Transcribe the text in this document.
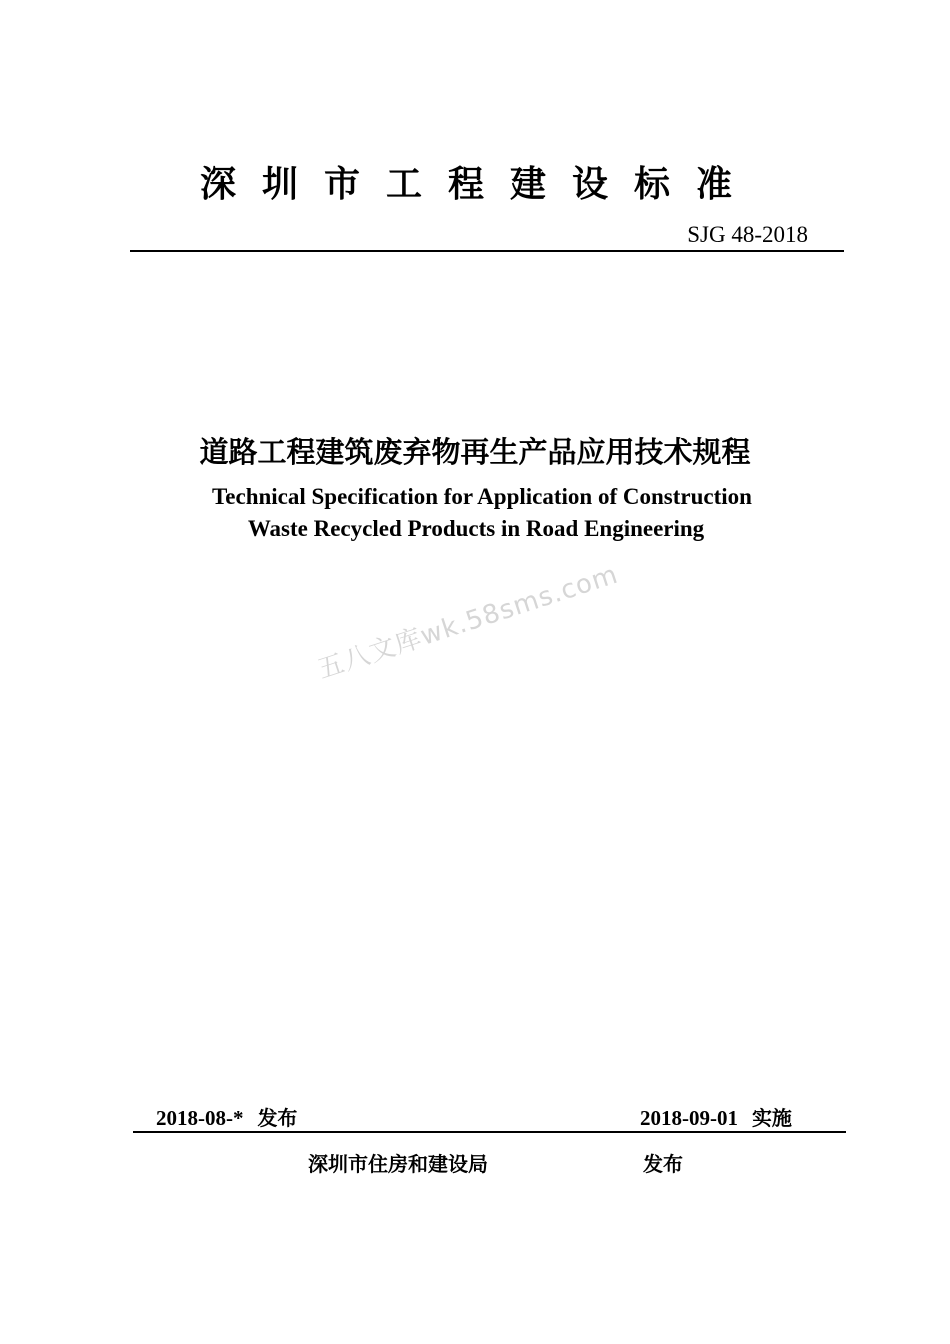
深圳市工程建设标准
SJG 48-2018
道路工程建筑废弃物再生产品应用技术规程
Technical Specification for Application of Construction
Waste Recycled Products in Road Engineering
五八文库wk.58sms.com
2018-08-* 发布	2018-09-01 实施
深圳市住房和建设局	发布
